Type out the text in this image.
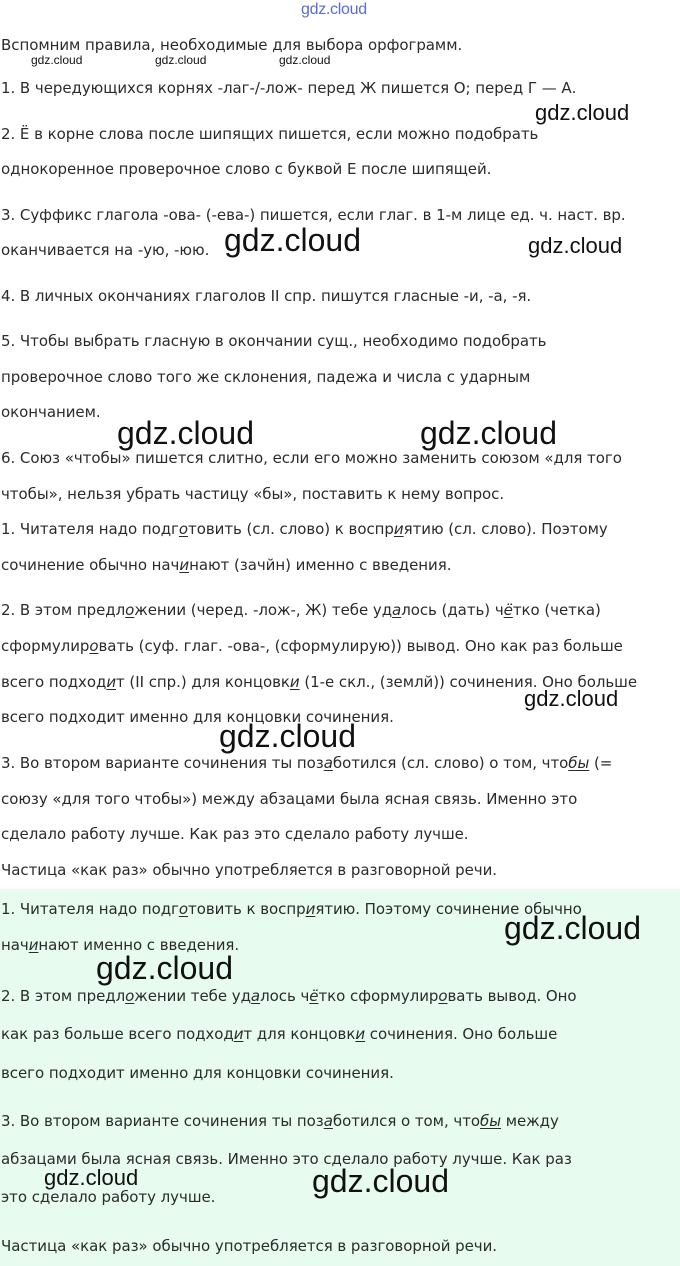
gdz.cloud

Вспомним правила, необходимые для выбора орфограмм.

1. В чередующихся корнях -лаг-/-лож- перед Ж пишется О; перед Г — А.

2. Ё в корне слова после шипящих пишется, если можно подобрать

однокоренное проверочное слово с буквой Е после шипящей.

3. Суффикс глагола -ова- (-ева-) пишется, если глаг. в 1-м лице ед. ч. наст. вр.

оканчивается на -ую, -юю.

4. В личных окончаниях глаголов II спр. пишутся гласные -и, -а, -я.

5. Чтобы выбрать гласную в окончании сущ., необходимо подобрать

проверочное слово того же склонения, падежа и числа с ударным

окончанием.

6. Союз «чтобы» пишется слитно, если его можно заменить союзом «для того

чтобы», нельзя убрать частицу «бы», поставить к нему вопрос.

1. Читателя надо подготовить (сл. слово) к восприятию (сл. слово). Поэтому

сочинение обычно начинают (зачйн) именно с введения.

2. В этом предложении (черед. -лож-, Ж) тебе удалось (дать) чётко (четка)

сформулировать (суф. глаг. -ова-, (сформулирую)) вывод. Оно как раз больше

всего подходит (II спр.) для концовки (1-е скл., (землй)) сочинения. Оно больше

всего подходит именно для концовки сочинения.

3. Во втором варианте сочинения ты позаботился (сл. слово) о том, чтобы (=

союзу «для того чтобы») между абзацами была ясная связь. Именно это

сделало работу лучше. Как раз это сделало работу лучше.

Частица «как раз» обычно употребляется в разговорной речи.

1. Читателя надо подготовить к восприятию. Поэтому сочинение обычно

начинают именно с введения.

2. В этом предложении тебе удалось чётко сформулировать вывод. Оно

как раз больше всего подходит для концовки сочинения. Оно больше

всего подходит именно для концовки сочинения.

3. Во втором варианте сочинения ты позаботился о том, чтобы между

абзацами была ясная связь. Именно это сделало работу лучше. Как раз

это сделало работу лучше.

Частица «как раз» обычно употребляется в разговорной речи.

gdz.cloud	gdz.cloud	gdz.cloud

gdz.cloud

gdz.cloud	gdz.cloud

gdz.cloud	gdz.cloud

gdz.cloud

gdz.cloud

gdz.cloud

gdz.cloud

gdz.cloud	gdz.cloud
